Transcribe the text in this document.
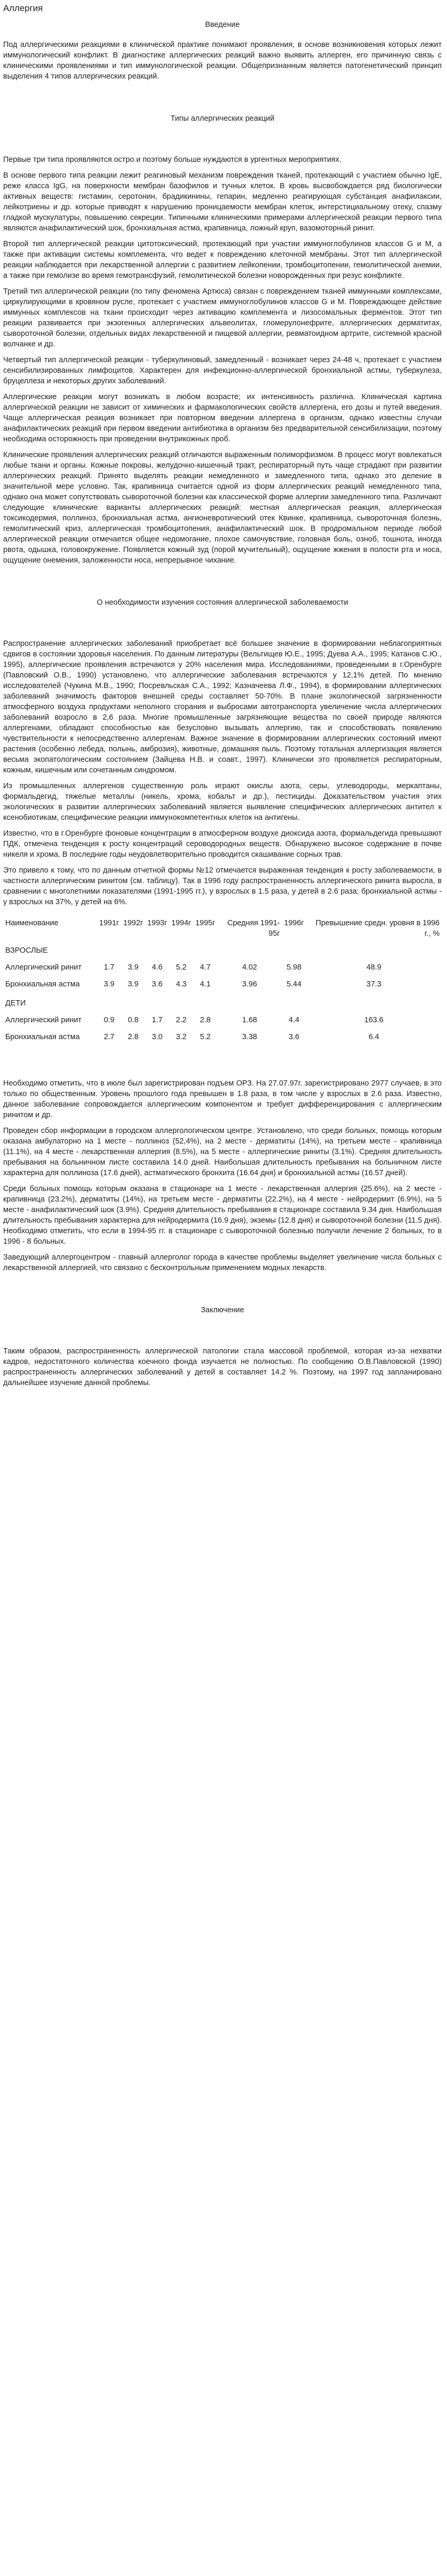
Аллергия
Введение

Под аллергическими реакциями в клинической практике понимают проявления, в основе возникновения которых лежит иммунологический конфликт. В диагностике аллергических реакций важно выявить аллерген, его причинную связь с клиническими проявлениями и тип иммунологической реакции. Общепризнанным является патогенетический принцип выделения 4 типов аллергических реакций.

Типы аллергических реакций

Первые три типа проявляются остро и поэтому больше нуждаются в ургентных мероприятиях.

В основе первого типа реакции лежит реагиновый механизм повреждения тканей, протекающий с участием обычно IgE, реже класса IgG, на поверхности мембран базофилов и тучных клеток. В кровь высвобождается ряд биологически активных веществ: гистамин, серотонин, брадикинины, гепарин, медленно реагирующая субстанция анафилаксии, лейкотриены и др. которые приводят к нарушению проницаемости мембран клеток, интерстициальному отеку, спазму гладкой мускулатуры, повышению секреции. Типичными клиническими примерами аллергической реакции первого типа являются анафилактический шок, бронхиальная астма, крапивница, ложный круп, вазомоторный ринит.

Второй тип аллергической реакции цитотоксический, протекающий при участии иммуноглобулинов классов G и M, а также при активации системы комплемента, что ведет к повреждению клеточной мембраны. Этот тип аллергической реакции наблюдается при лекарственной аллергии с развитием лейкопении, тромбоцитопении, гемолитической анемии, а также при гемолизе во время гемотрансфузий, гемолитической болезни новорожденных при резус конфликте.

Третий тип аллергической реакции (по типу феномена Артюса) связан с повреждением тканей иммунными комплексами, циркулирующими в кровяном русле, протекает с участием иммуноглобулинов классов G и M. Повреждающее действие иммунных комплексов на ткани происходит через активацию комплемента и лизосомальных ферментов. Этот тип реакции развивается при экзогенных аллергических альвеолитах, гломерулонефрите, аллергических дерматитах, сывороточной болезни, отдельных видах лекарственной и пищевой аллергии, ревматоидном артрите, системной красной волчанке и др.

Четвертый тип аллергической реакции - туберкулиновый, замедленный - возникает через 24-48 ч, протекает с участием сенсибилизированных лимфоцитов. Характерен для инфекционно-аллергической бронхиальной астмы, туберкулеза, бруцеллеза и некоторых других заболеваний.

Аллергические реакции могут возникать в любом возрасте; их интенсивность различна. Клиническая картина аллергической реакции не зависит от химических и фармакологических свойств аллергена, его дозы и путей введения. Чаще аллергическая реакция возникает при повторном введении аллергена в организм, однако известны случаи анафилактических реакций при первом введении антибиотика в организм без предварительной сенсибилизации, поэтому необходима осторожность при проведении внутрикожных проб.

Клинические проявления аллергических реакций отличаются выраженным полиморфизмом. В процесс могут вовлекаться любые ткани и органы. Кожные покровы, желудочно-кишечный тракт, респираторный путь чаще страдают при развитии аллергических реакций. Принято выделять реакции немедленного и замедленного типа, однако это деление в значительной мере условно. Так, крапивница считается одной из форм аллергических реакций немедленного типа, однако она может сопутствовать сывороточной болезни как классической форме аллергии замедленного типа. Различают следующие клинические варианты аллергических реакций: местная аллергическая реакция, аллергическая токсикодермия, поллиноз, бронхиальная астма, ангионевротический отек Квинке, крапивница, сывороточная болезнь, гемолитический криз, аллергическая тромбоцитопения, анафилактический шок. В продромальном периоде любой аллергической реакции отмечается общее недомогание, плохое самочувствие, головная боль, озноб, тошнота, иногда рвота, одышка, головокружение. Появляется кожный зуд (порой мучительный), ощущение жжения в полости рта и носа, ощущение онемения, заложенности носа, непрерывное чихание.

О необходимости изучения состояния аллергической заболеваемости

Распространение аллергических заболеваний приобретает всё большее значение в формировании неблагоприятных сдвигов в состоянии здоровья населения. По данным литературы (Вельтищев Ю.Е., 1995; Дуева А.А., 1995; Катанов С.Ю., 1995), аллергические проявления встречаются у 20% населения мира. Исследованиями, проведенными в г.Оренбурге (Павловский О.В., 1990) установлено, что аллергические заболевания встречаются у 12,1% детей. По мнению исследователей (Чукина М.В., 1990; Посревльская С.А., 1992; Казначеева Л.Ф., 1994), в формировании аллергических заболеваний значимость факторов внешней среды составляет 50-70%. В плане экологической загрязненности атмосферного воздуха продуктами неполного сгорания и выбросами автотранспорта увеличение числа аллергических заболеваний возросло в 2,6 раза. Многие промышленные загрязняющие вещества по своей природе являются аллергенами, обладают способностью как безусловно вызывать аллергию, так и способствовать появлению чувствительности к непосредственно аллергенам. Важное значение в формировании аллергических состояний имеют растения (особенно лебеда, полынь, амброзия), животные, домашняя пыль. Поэтому тотальная аллергизация является весьма экопатологическим состоянием (Зайцева Н.В. и соавт., 1997). Клинически это проявляется респираторным, кожным, кишечным или сочетанным синдромом.

Из промышленных аллергенов существенную роль играют окислы азота, серы, углеводороды, меркаптаны, формальдегид, тяжелые металлы (никель, хрома, кобальт и др.), пестициды. Доказательством участия этих экологических в развитии аллергических заболеваний является выявление специфических аллергических антител к ксенобиотикам, специфические реакции иммунокомпетентных клеток на антигены.

Известно, что в г.Оренбурге фоновые концентрации в атмосферном воздухе диоксида азота, формальдегида превышают ПДК, отмечена тенденция к росту концентраций сероводородных веществ. Обнаружено высокое содержание в почве никеля и хрома. В последние годы неудовлетворительно проводится скашивание сорных трав.

Это привело к тому, что по данным отчетной формы №12 отмечается выраженная тенденция к росту заболеваемости, в частности аллергическим ринитом (см. таблицу). Так в 1996 году распространенность аллергического ринита выросла, в сравнении с многолетними показателями (1991-1995 гг.), у взрослых в 1.5 раза, у детей в 2.6 раза; бронхиальной астмы - у взрослых на 37%, у детей на 6%.

Наименование	1991г	1992г	1993г	1994г	1995г	Средняя 1991-95г	1996г	Превышение средн. уровня в 1996 г., %
ВЗРОСЛЫЕ								
Аллергический ринит	1.7	3.9	4.6	5.2	4.7	4.02	5.98	48.9
Бронхиальная астма	3.9	3.9	3.6	4.3	4.1	3.96	5.44	37.3
ДЕТИ								
Аллергический ринит	0.9	0.8	1.7	2.2	2.8	1.68	4.4	163.6
Бронхиальная астма	2.7	2.8	3.0	3.2	5.2	3.38	3.6	6.4

Необходимо отметить, что в июле был зарегистрирован подъем ОРЗ. На 27.07.97г. зарегистрировано 2977 случаев, в это только по общественным. Уровень прошлого года превышен в 1.8 раза, в том числе у взрослых в 2.6 раза. Известно, данное заболевание сопровождается аллергическим компонентом и требует дифференцирования с аллергическим ринитом и др.

Проведен сбор информации в городском аллергологическом центре. Установлено, что среди больных, помощь которым оказана амбулаторно на 1 месте - поллиноз (52,4%), на 2 месте - дерматиты (14%), на третьем месте - крапивница (11.1%), на 4 месте - лекарственная аллергия (8.5%), на 5 месте - аллергические риниты (3.1%). Средняя длительность пребывания на больничном листе составила 14.0 дней. Наибольшая длительность пребывания на больничном листе характерна для поллиноза (17.6 дней), астматического бронхита (16.64 дня) и бронхиальной астмы (16.57 дней).

Среди больных помощь которым оказана в стационаре на 1 месте - лекарственная аллергия (25.6%), на 2 месте - крапивница (23.2%), дерматиты (14%), на третьем месте - дерматиты (22.2%), на 4 месте - нейродермит (6.9%), на 5 месте - анафилактический шок (3.9%). Средняя длительность пребывания в стационаре составила 9.34 дня. Наибольшая длительность пребывания характерна для нейродермита (16.9 дня), экземы (12.8 дня) и сывороточной болезни (11.5 дня). Необходимо отметить, что если в 1994-95 гг. в стационаре с сывороточной болезнью получили лечение 2 больных, то в 1996 - 8 больных.

Заведующий аллергоцентром - главный аллерголог города в качестве проблемы выделяет увеличение числа больных с лекарственной аллергией, что связано с бесконтрольным применением модных лекарств.

Заключение

Таким образом, распространенность аллергической патологии стала массовой проблемой, которая из-за нехватки кадров, недостаточного количества коечного фонда изучается не полностью. По сообщению О.В.Павловской (1990) распространенность аллергических заболеваний у детей в составляет 14.2 %. Поэтому, на 1997 год запланировано дальнейшее изучение данной проблемы.
